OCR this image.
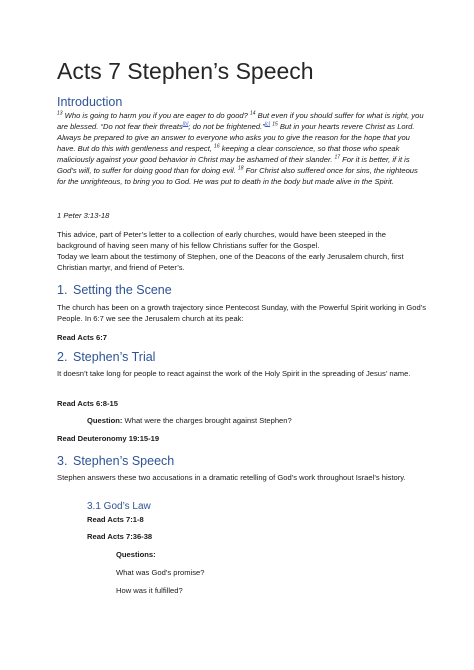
Acts 7 Stephen’s Speech
Introduction
$^{13}$ Who is going to harm you if you are eager to do good? $^{14}$ But even if you should suffer for what is right, you are blessed. “Do not fear their threats[b]; do not be frightened.”[c] $^{15}$ But in your hearts revere Christ as Lord. Always be prepared to give an answer to everyone who asks you to give the reason for the hope that you have. But do this with gentleness and respect, $^{16}$ keeping a clear conscience, so that those who speak maliciously against your good behavior in Christ may be ashamed of their slander. $^{17}$ For it is better, if it is God’s will, to suffer for doing good than for doing evil. $^{18}$ For Christ also suffered once for sins, the righteous for the unrighteous, to bring you to God. He was put to death in the body but made alive in the Spirit.
1 Peter 3:13-18
This advice, part of Peter’s letter to a collection of early churches, would have been steeped in the background of having seen many of his fellow Christians suffer for the Gospel.
Today we learn about the testimony of Stephen, one of the Deacons of the early Jerusalem church, first Christian martyr, and friend of Peter’s.
1. Setting the Scene
The church has been on a growth trajectory since Pentecost Sunday, with the Powerful Spirit working in God’s People. In 6:7 we see the Jerusalem church at its peak:
Read Acts 6:7
2. Stephen’s Trial
It doesn’t take long for people to react against the work of the Holy Spirit in the spreading of Jesus’ name.
Read Acts 6:8-15
Question: What were the charges brought against Stephen?
Read Deuteronomy 19:15-19
3. Stephen’s Speech
Stephen answers these two accusations in a dramatic retelling of God’s work throughout Israel’s history.
3.1 God’s Law
Read Acts 7:1-8
Read Acts 7:36-38
Questions:
What was God’s promise?
How was it fulfilled?
